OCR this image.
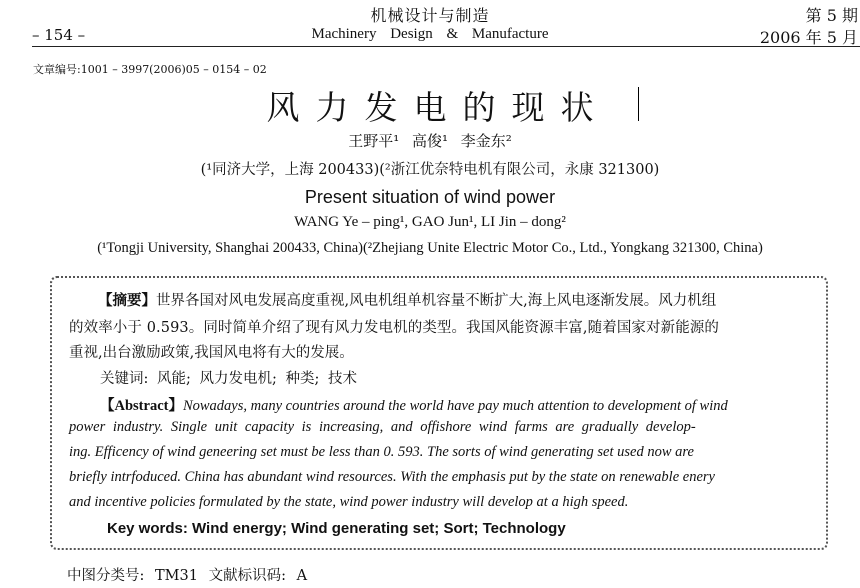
机械设计与制造	第 5 期
– 154 –	Machinery Design & Manufacture	2006 年 5 月
文章编号:1001 – 3997(2006)05 – 0154 – 02
风力发电的现状
王野平¹ 高俊¹ 李金东²
(¹同济大学，上海 200433)(²浙江优奈特电机有限公司，永康 321300)
Present situation of wind power
WANG Ye – ping¹, GAO Jun¹, LI Jin – dong²
(¹Tongji University, Shanghai 200433, China)(²Zhejiang Unite Electric Motor Co., Ltd., Yongkang 321300, China)
【摘要】世界各国对风电发展高度重视,风电机组单机容量不断扩大,海上风电逐渐发展。风力机组
的效率小于 0.593。同时简单介绍了现有风力发电机的类型。我国风能资源丰富,随着国家对新能源的
重视,出台激励政策,我国风电将有大的发展。
关键词: 风能; 风力发电机; 种类; 技术
【Abstract】Nowadays, many countries around the world have pay much attention to development of wind
power industry. Single unit capacity is increasing, and offishore wind farms are gradually develop-
ing. Efficency of wind geneering set must be less than 0. 593. The sorts of wind generating set used now are
briefly intrfoduced. China has abundant wind resources. With the emphasis put by the state on renewable enery
and incentive policies formulated by the state, wind power industry will develop at a high speed.
Key words: Wind energy; Wind generating set; Sort; Technology
中图分类号: TM31 文献标识码: A
